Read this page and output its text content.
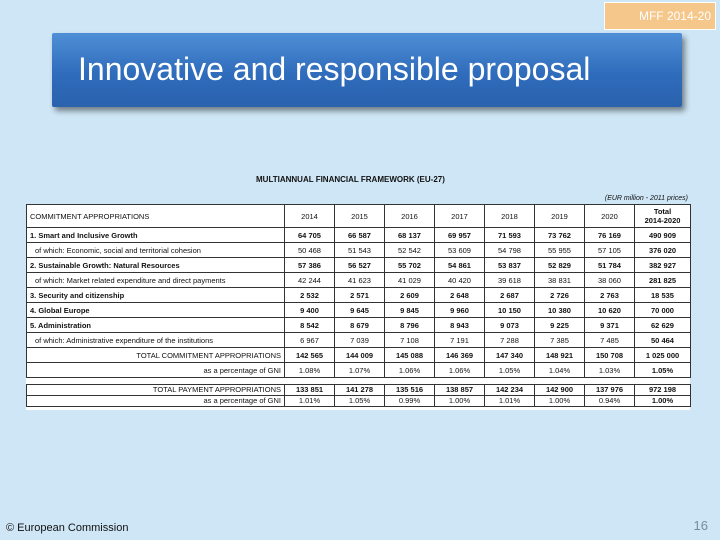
MFF 2014-20
Innovative and responsible proposal
MULTIANNUAL FINANCIAL FRAMEWORK (EU-27)
(EUR million - 2011 prices)
COMMITMENT APPROPRIATIONS	2014	2015	2016	2017	2018	2019	2020	Total
2014-2020
1. Smart and Inclusive Growth	64 705	66 587	68 137	69 957	71 593	73 762	76 169	490 909
of which: Economic, social and territorial cohesion	50 468	51 543	52 542	53 609	54 798	55 955	57 105	376 020
2. Sustainable Growth: Natural Resources	57 386	56 527	55 702	54 861	53 837	52 829	51 784	382 927
of which: Market related expenditure and direct payments	42 244	41 623	41 029	40 420	39 618	38 831	38 060	281 825
3. Security and citizenship	2 532	2 571	2 609	2 648	2 687	2 726	2 763	18 535
4. Global Europe	9 400	9 645	9 845	9 960	10 150	10 380	10 620	70 000
5. Administration	8 542	8 679	8 796	8 943	9 073	9 225	9 371	62 629
of which: Administrative expenditure of the institutions	6 967	7 039	7 108	7 191	7 288	7 385	7 485	50 464
TOTAL COMMITMENT APPROPRIATIONS	142 565	144 009	145 088	146 369	147 340	148 921	150 708	1 025 000
as a percentage of GNI	1.08%	1.07%	1.06%	1.06%	1.05%	1.04%	1.03%	1.05%
TOTAL PAYMENT APPROPRIATIONS	133 851	141 278	135 516	138 857	142 234	142 900	137 976	972 198
as a percentage of GNI	1.01%	1.05%	0.99%	1.00%	1.01%	1.00%	0.94%	1.00%
© European Commission	16
